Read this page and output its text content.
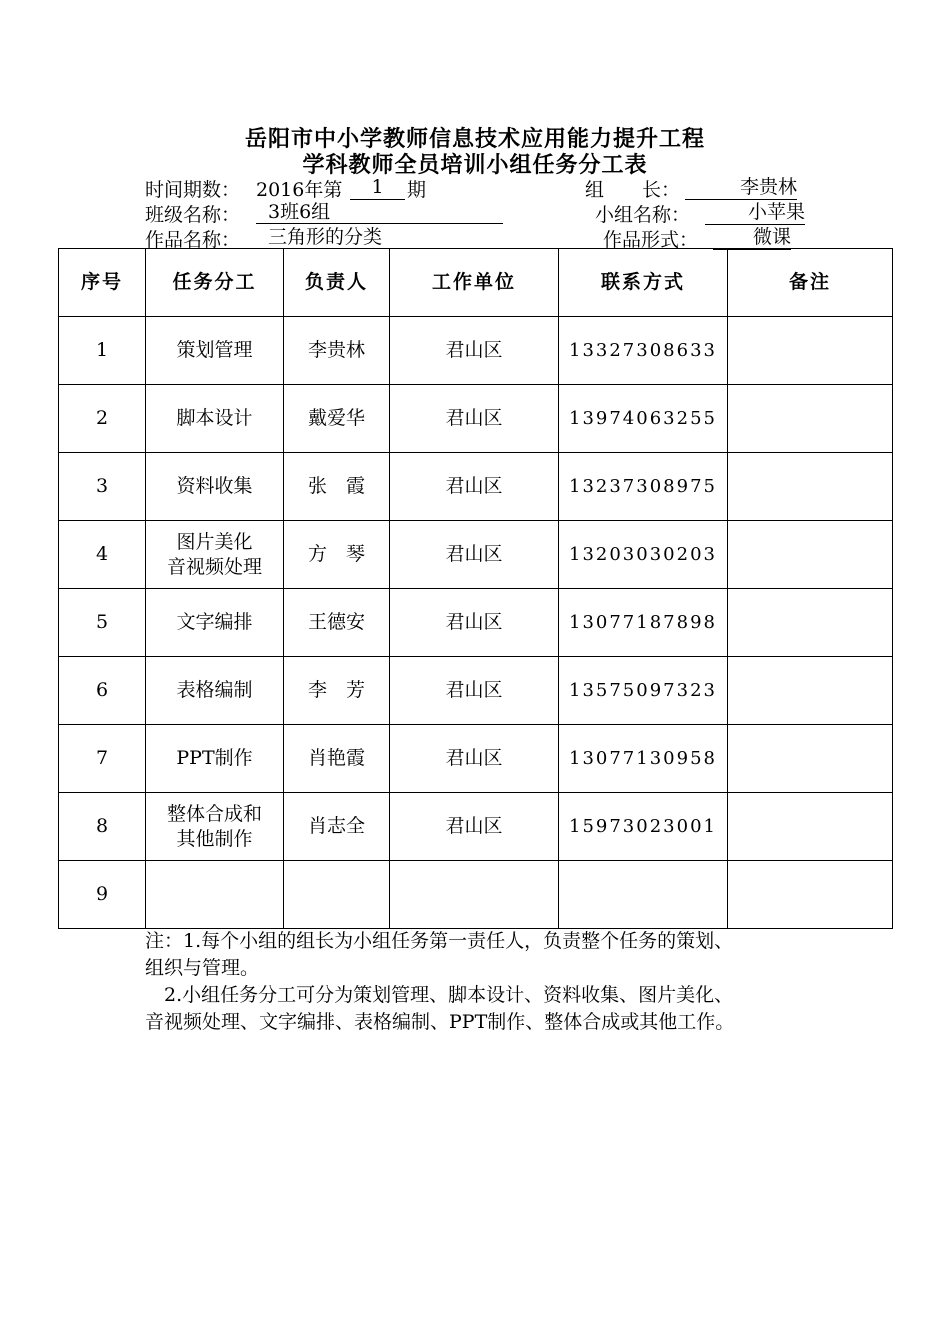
岳阳市中小学教师信息技术应用能力提升工程
学科教师全员培训小组任务分工表
时间期数： 2016年第	1	期	组　　长：	李贵林
班级名称：	3班6组	小组名称：	小苹果
作品名称：	三角形的分类	作品形式：	微课
序号	任务分工	负责人	工作单位	联系方式	备注
1	策划管理	李贵林	君山区	13327308633	
2	脚本设计	戴爱华	君山区	13974063255	
3	资料收集	张　霞	君山区	13237308975	
4	图片美化
音视频处理	方　琴	君山区	13203030203	
5	文字编排	王德安	君山区	13077187898	
6	表格编制	李　芳	君山区	13575097323	
7	PPT制作	肖艳霞	君山区	13077130958	
8	整体合成和
其他制作	肖志全	君山区	15973023001	
9					

注：1.每个小组的组长为小组任务第一责任人，负责整个任务的策划、

组织与管理。

　2.小组任务分工可分为策划管理、脚本设计、资料收集、图片美化、

音视频处理、文字编排、表格编制、PPT制作、整体合成或其他工作。
